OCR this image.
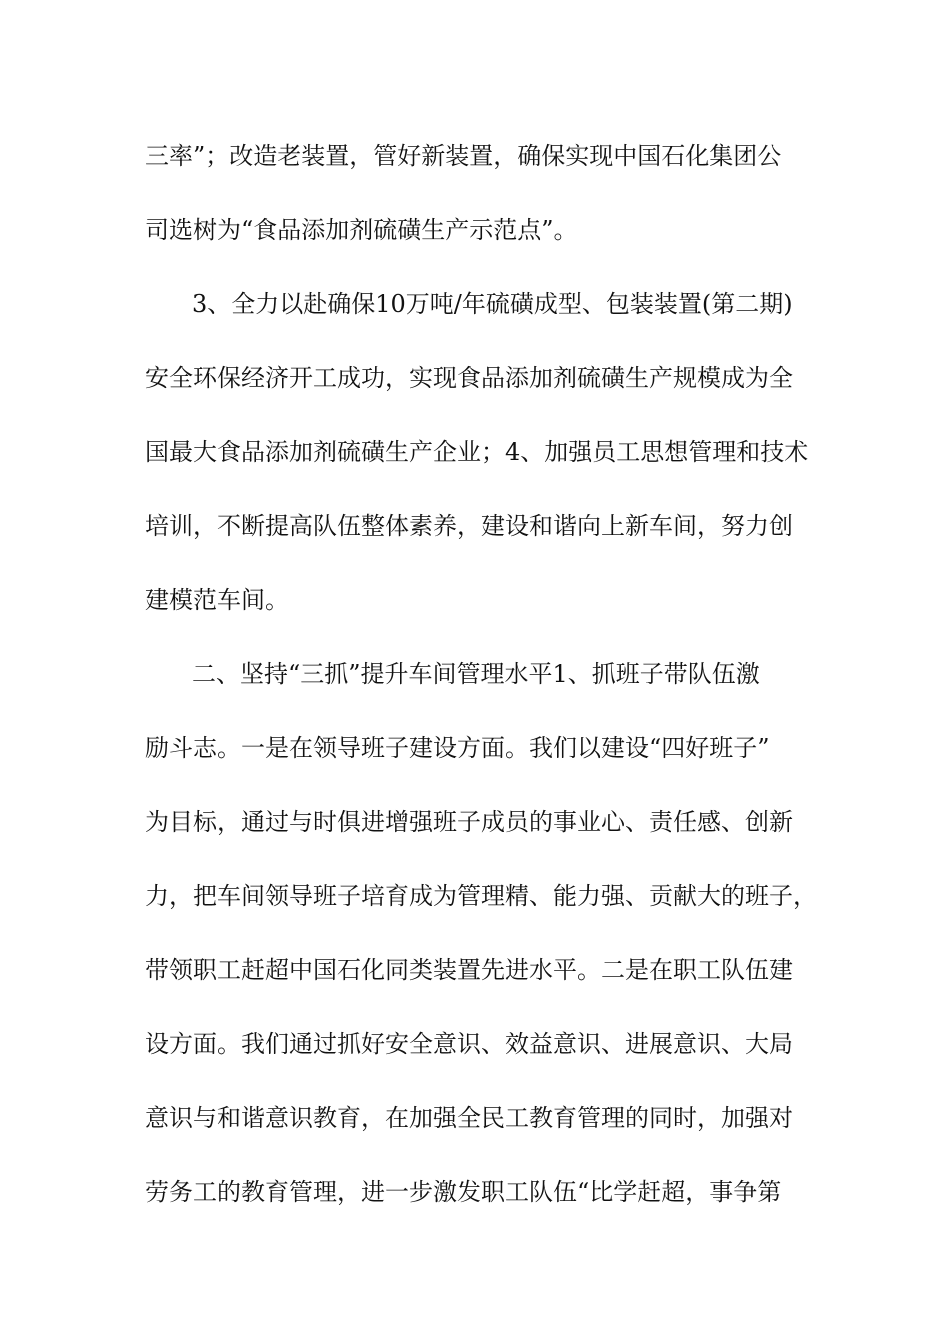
三率”；改造老装置，管好新装置，确保实现中国石化集团公

司选树为“食品添加剂硫磺生产示范点”。

3、全力以赴确保10万吨/年硫磺成型、包装装置(第二期)

安全环保经济开工成功，实现食品添加剂硫磺生产规模成为全

国最大食品添加剂硫磺生产企业；4、加强员工思想管理和技术

培训，不断提高队伍整体素养，建设和谐向上新车间，努力创

建模范车间。

二、坚持“三抓”提升车间管理水平1、抓班子带队伍激

励斗志。一是在领导班子建设方面。我们以建设“四好班子”

为目标，通过与时俱进增强班子成员的事业心、责任感、创新

力，把车间领导班子培育成为管理精、能力强、贡献大的班子，

带领职工赶超中国石化同类装置先进水平。二是在职工队伍建

设方面。我们通过抓好安全意识、效益意识、进展意识、大局

意识与和谐意识教育，在加强全民工教育管理的同时，加强对

劳务工的教育管理，进一步激发职工队伍“比学赶超，事争第
